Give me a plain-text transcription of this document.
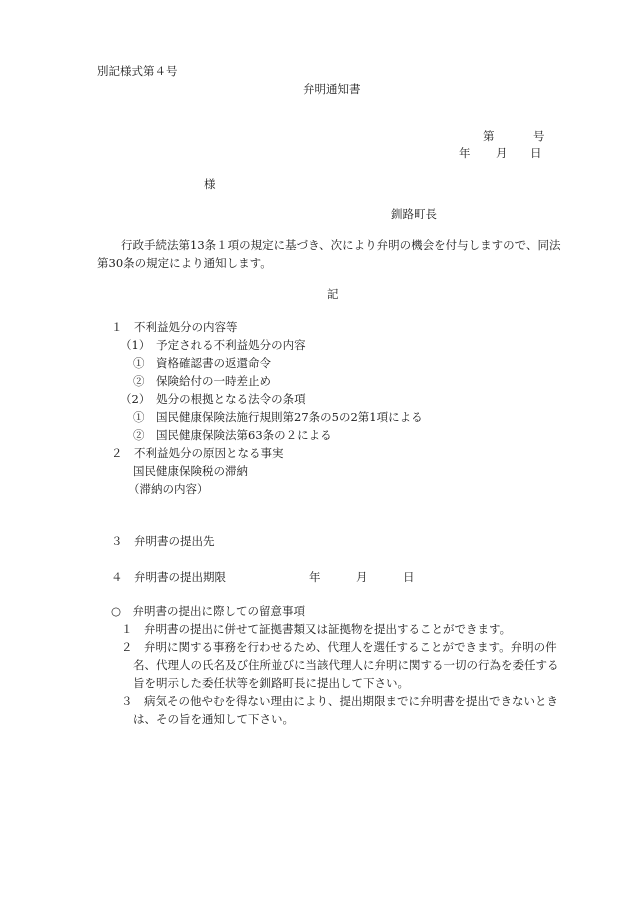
別記様式第４号
弁明通知書
第	号
年 月 日
様
釧路町長
行政手続法第13条１項の規定に基づき、次により弁明の機会を付与しますので、同法
第30条の規定により通知します。
記
１　不利益処分の内容等
（1）　予定される不利益処分の内容
①　資格確認書の返還命令
②　保険給付の一時差止め
（2）　処分の根拠となる法令の条項
①　国民健康保険法施行規則第27条の5の2第1項による
②　国民健康保険法第63条の２による
２　不利益処分の原因となる事実
国民健康保険税の滞納
（滞納の内容）
３　弁明書の提出先
４　弁明書の提出期限	年	月	日
○　弁明書の提出に際しての留意事項
１　弁明書の提出に併せて証拠書類又は証拠物を提出することができます。
２　弁明に関する事務を行わせるため、代理人を選任することができます。弁明の件
名、代理人の氏名及び住所並びに当該代理人に弁明に関する一切の行為を委任する
旨を明示した委任状等を釧路町長に提出して下さい。
３　病気その他やむを得ない理由により、提出期限までに弁明書を提出できないとき
は、その旨を通知して下さい。
